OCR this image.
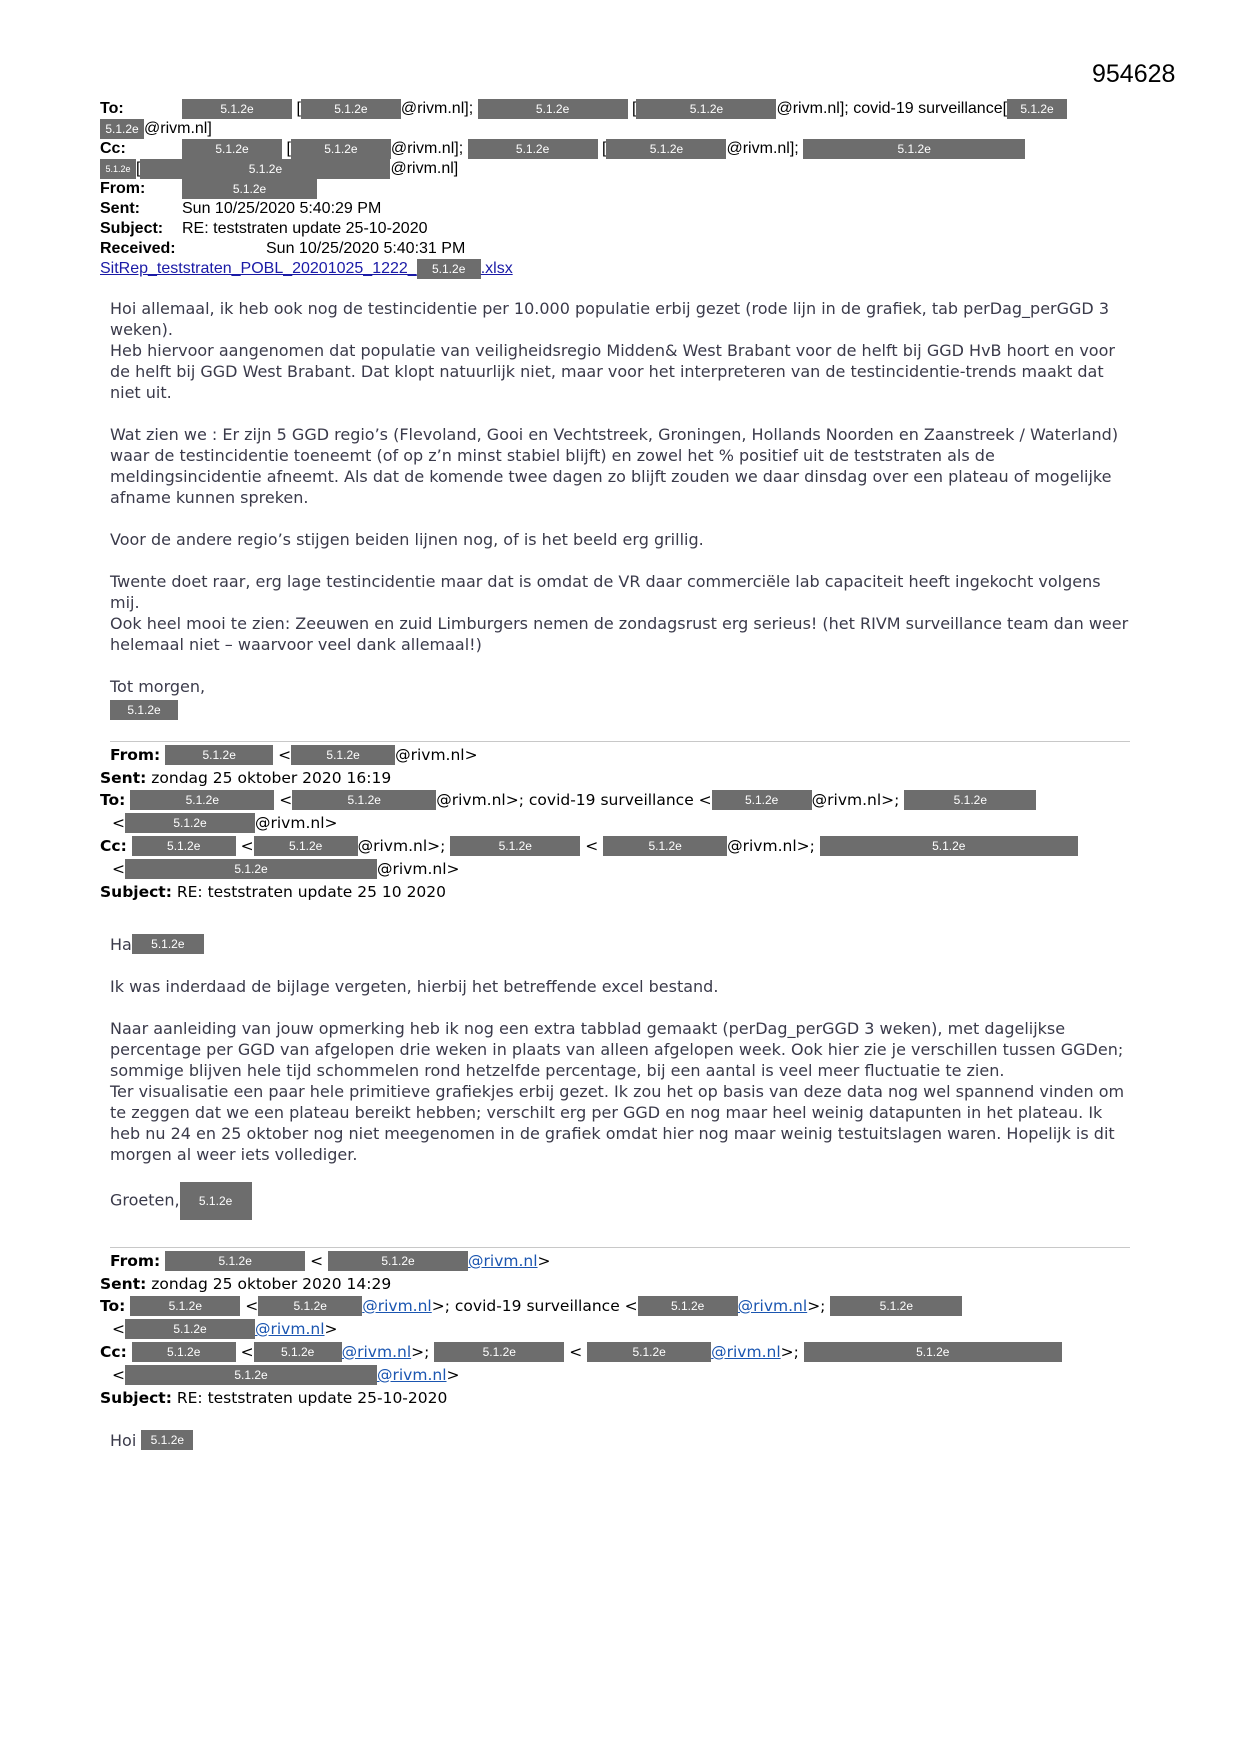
954628
To:	5.1.2e [	5.1.2e @rivm.nl];	5.1.2e	[	5.1.2e	@rivm.nl]; covid-19 surveillance[ 5.1.2e
5.1.2e @rivm.nl]
Cc:	5.1.2e [	5.1.2e @rivm.nl];	5.1.2e	[	5.1.2e	@rivm.nl];	5.1.2e
5.1.2e [	5.1.2e	@rivm.nl]
From:	5.1.2e
Sent:	Sun 10/25/2020 5:40:29 PM
Subject: RE: teststraten update 25-10-2020
Received:	Sun 10/25/2020 5:40:31 PM
SitRep_teststraten_POBL_20201025_1222_ 5.1.2e .xlsx

Hoi allemaal, ik heb ook nog de testincidentie per 10.000 populatie erbij gezet (rode lijn in de grafiek, tab perDag_perGGD 3 weken).
Heb hiervoor aangenomen dat populatie van veiligheidsregio Midden& West Brabant voor de helft bij GGD HvB hoort en voor de helft bij GGD West Brabant. Dat klopt natuurlijk niet, maar voor het interpreteren van de testincidentie-trends maakt dat niet uit.

Wat zien we : Er zijn 5 GGD regio’s (Flevoland, Gooi en Vechtstreek, Groningen, Hollands Noorden en Zaanstreek / Waterland) waar de testincidentie toeneemt (of op z’n minst stabiel blijft) en zowel het % positief uit de teststraten als de meldingsincidentie afneemt. Als dat de komende twee dagen zo blijft zouden we daar dinsdag over een plateau of mogelijke afname kunnen spreken.

Voor de andere regio’s stijgen beiden lijnen nog, of is het beeld erg grillig.

Twente doet raar, erg lage testincidentie maar dat is omdat de VR daar commerciële lab capaciteit heeft ingekocht volgens mij.
Ook heel mooi te zien: Zeeuwen en zuid Limburgers nemen de zondagsrust erg serieus! (het RIVM surveillance team dan weer helemaal niet – waarvoor veel dank allemaal!)

Tot morgen,
5.1.2e
From:	5.1.2e <	5.1.2e @rivm.nl>
Sent: zondag 25 oktober 2020 16:19
To:	5.1.2e	<	5.1.2e	@rivm.nl>; covid-19 surveillance <	5.1.2e @rivm.nl>;	5.1.2e
<	5.1.2e	@rivm.nl>
Cc:	5.1.2e <	5.1.2e @rivm.nl>;	5.1.2e	<	5.1.2e	@rivm.nl>;	5.1.2e
<	5.1.2e	@rivm.nl>
Subject: RE: teststraten update 25 10 2020

Ha 5.1.2e

Ik was inderdaad de bijlage vergeten, hierbij het betreffende excel bestand.

Naar aanleiding van jouw opmerking heb ik nog een extra tabblad gemaakt (perDag_perGGD 3 weken), met dagelijkse percentage per GGD van afgelopen drie weken in plaats van alleen afgelopen week. Ook hier zie je verschillen tussen GGDen; sommige blijven hele tijd schommelen rond hetzelfde percentage, bij een aantal is veel meer fluctuatie te zien.
Ter visualisatie een paar hele primitieve grafiekjes erbij gezet. Ik zou het op basis van deze data nog wel spannend vinden om te zeggen dat we een plateau bereikt hebben; verschilt erg per GGD en nog maar heel weinig datapunten in het plateau. Ik heb nu 24 en 25 oktober nog niet meegenomen in de grafiek omdat hier nog maar weinig testuitslagen waren. Hopelijk is dit morgen al weer iets vollediger.

Groeten, 5.1.2e
From:	5.1.2e	<	5.1.2e	@rivm.nl>
Sent: zondag 25 oktober 2020 14:29
To:	5.1.2e <	5.1.2e @rivm.nl>; covid-19 surveillance <	5.1.2e @rivm.nl>;	5.1.2e
<	5.1.2e	@rivm.nl>
Cc:	5.1.2e < 5.1.2e @rivm.nl>;	5.1.2e	<	5.1.2e	@rivm.nl>;	5.1.2e
<	5.1.2e	@rivm.nl>
Subject: RE: teststraten update 25-10-2020
Hoi 5.1.2e
